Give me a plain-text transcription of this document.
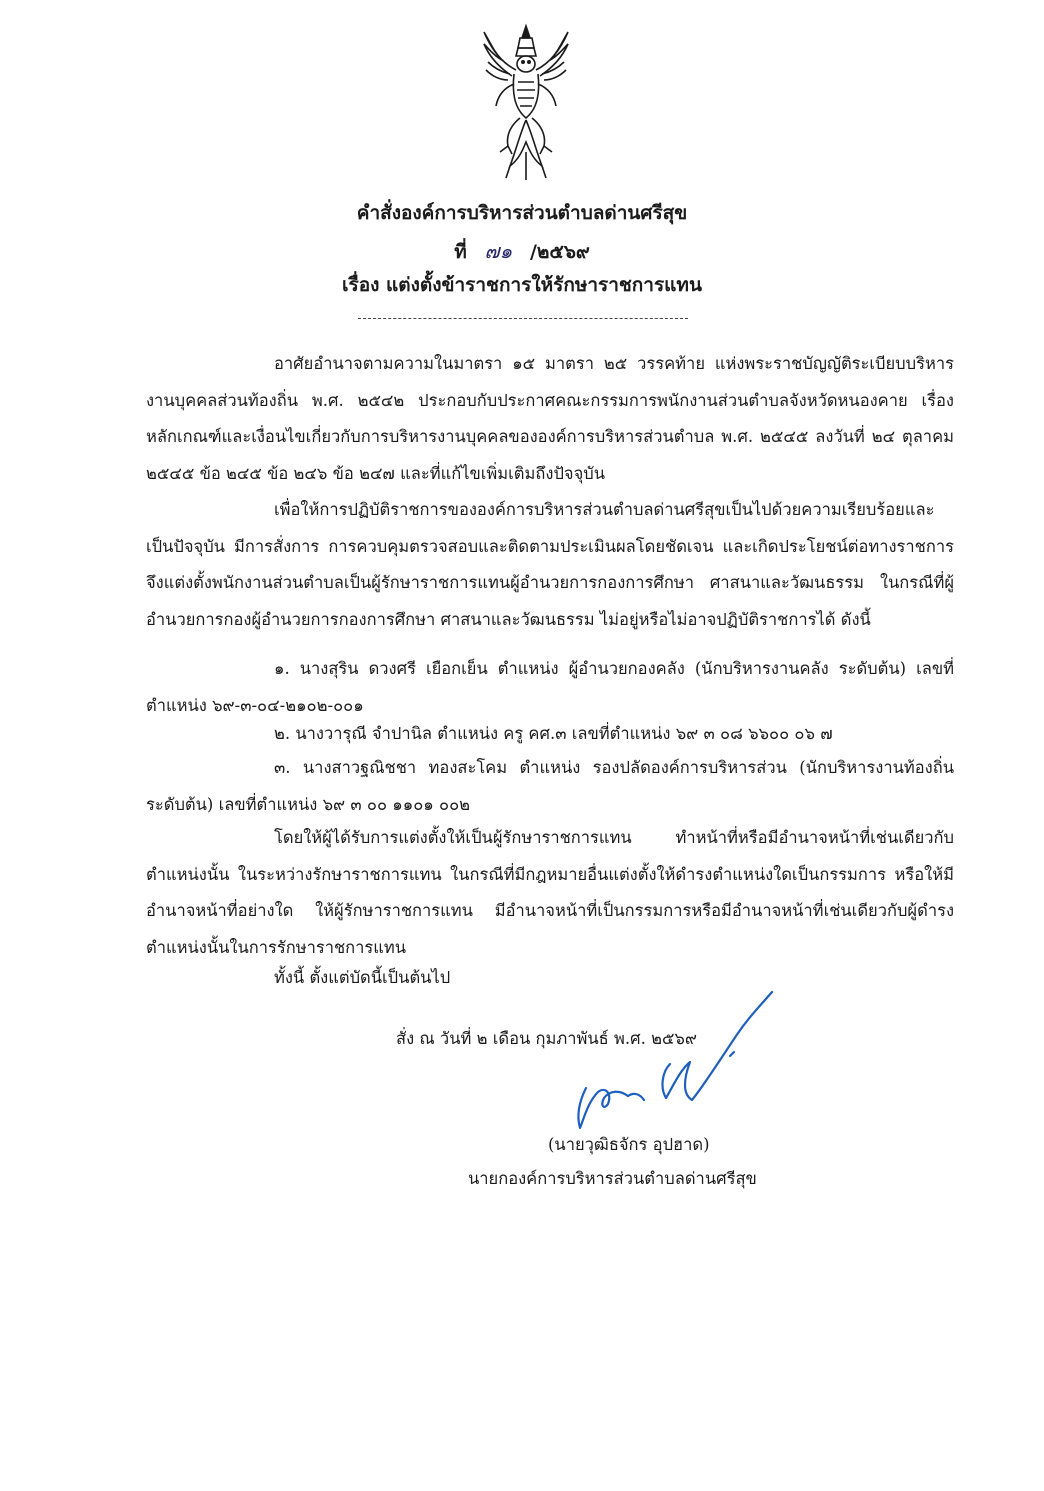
คำสั่งองค์การบริหารส่วนตำบลด่านศรีสุข
ที่ ๗๑ /๒๕๖๙
เรื่อง แต่งตั้งข้าราชการให้รักษาราชการแทน

อาศัยอำนาจตามความในมาตรา ๑๕ มาตรา ๒๕ วรรคท้าย แห่งพระราชบัญญัติระเบียบบริหารงานบุคคลส่วนท้องถิ่น พ.ศ. ๒๕๔๒ ประกอบกับประกาศคณะกรรมการพนักงานส่วนตำบลจังหวัดหนองคาย เรื่อง หลักเกณฑ์และเงื่อนไขเกี่ยวกับการบริหารงานบุคคลขององค์การบริหารส่วนตำบล พ.ศ. ๒๕๔๕ ลงวันที่ ๒๔ ตุลาคม ๒๕๔๕ ข้อ ๒๔๕ ข้อ ๒๔๖ ข้อ ๒๔๗ และที่แก้ไขเพิ่มเติมถึงปัจจุบัน

เพื่อให้การปฏิบัติราชการขององค์การบริหารส่วนตำบลด่านศรีสุขเป็นไปด้วยความเรียบร้อยและเป็นปัจจุบัน มีการสั่งการ การควบคุมตรวจสอบและติดตามประเมินผลโดยชัดเจน และเกิดประโยชน์ต่อทางราชการ จึงแต่งตั้งพนักงานส่วนตำบลเป็นผู้รักษาราชการแทนผู้อำนวยการกองการศึกษา ศาสนาและวัฒนธรรม ในกรณีที่ผู้อำนวยการกองผู้อำนวยการกองการศึกษา ศาสนาและวัฒนธรรม ไม่อยู่หรือไม่อาจปฏิบัติราชการได้ ดังนี้

๑. นางสุริน ดวงศรี เยือกเย็น ตำแหน่ง ผู้อำนวยกองคลัง (นักบริหารงานคลัง ระดับต้น) เลขที่ตำแหน่ง ๖๙-๓-๐๔-๒๑๐๒-๐๐๑

๒. นางวารุณี จำปานิล ตำแหน่ง ครู คศ.๓ เลขที่ตำแหน่ง ๖๙ ๓ ๐๘ ๖๖๐๐ ๐๖ ๗

๓. นางสาวฐณิชชา ทองสะโคม ตำแหน่ง รองปลัดองค์การบริหารส่วน (นักบริหารงานท้องถิ่น ระดับต้น) เลขที่ตำแหน่ง ๖๙ ๓ ๐๐ ๑๑๐๑ ๐๐๒

โดยให้ผู้ได้รับการแต่งตั้งให้เป็นผู้รักษาราชการแทน ทำหน้าที่หรือมีอำนาจหน้าที่เช่นเดียวกับตำแหน่งนั้น ในระหว่างรักษาราชการแทน ในกรณีที่มีกฎหมายอื่นแต่งตั้งให้ดำรงตำแหน่งใดเป็นกรรมการ หรือให้มีอำนาจหน้าที่อย่างใด ให้ผู้รักษาราชการแทน มีอำนาจหน้าที่เป็นกรรมการหรือมีอำนาจหน้าที่เช่นเดียวกับผู้ดำรงตำแหน่งนั้นในการรักษาราชการแทน

ทั้งนี้ ตั้งแต่บัดนี้เป็นต้นไป

สั่ง ณ วันที่ ๒ เดือน กุมภาพันธ์ พ.ศ. ๒๕๖๙
(นายวุฒิธจักร อุปฮาด)
นายกองค์การบริหารส่วนตำบลด่านศรีสุข
